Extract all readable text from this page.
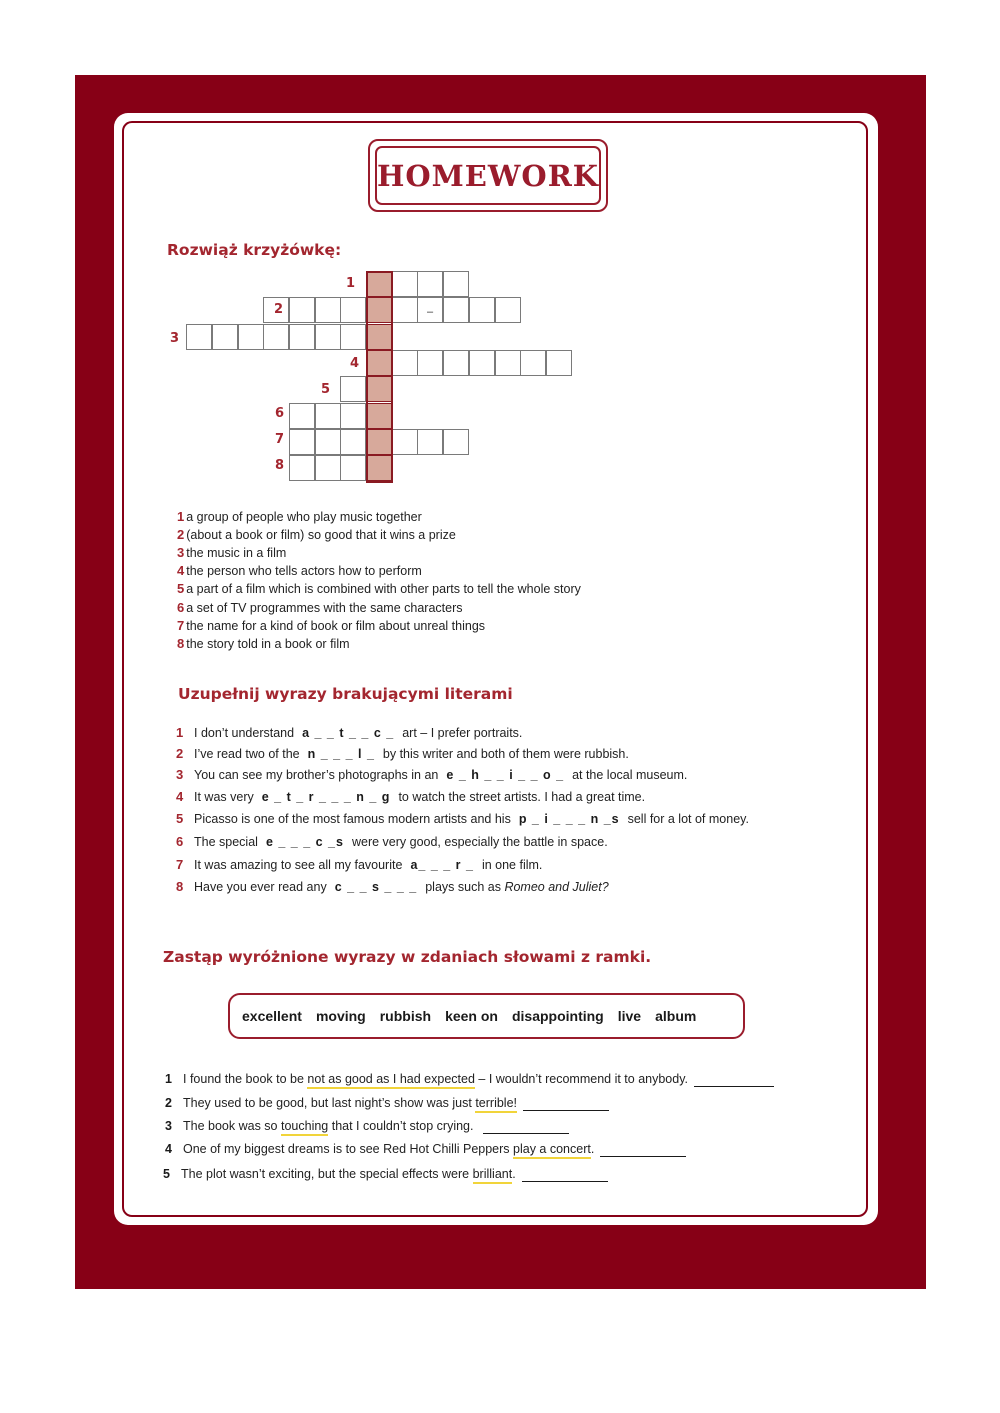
HOMEWORK
Rozwiąż krzyżówkę:
–
1
2
3
4
5
6
7
8
1 a group of people who play music together
2 (about a book or film) so good that it wins a prize
3 the music in a film
4 the person who tells actors how to perform
5 a part of a film which is combined with other parts to tell the whole story
6 a set of TV programmes with the same characters
7 the name for a kind of book or film about unreal things
8 the story told in a book or film
Uzupełnij wyrazy brakującymi literami
1 I don’t understand a _ _ t _ _ c _ art – I prefer portraits.
2 I’ve read two of the n _ _ _ l _ by this writer and both of them were rubbish.
3 You can see my brother’s photographs in an e _ h _ _ i _ _ o _ at the local museum.
4 It was very e _ t _ r _ _ _ n _ g to watch the street artists. I had a great time.
5 Picasso is one of the most famous modern artists and his p _ i _ _ _ n _s sell for a lot of money.
6 The special e _ _ _ c _s were very good, especially the battle in space.
7 It was amazing to see all my favourite a_ _ _ r _ in one film.
8 Have you ever read any c _ _ s _ _ _ plays such as Romeo and Juliet?
Zastąp wyróżnione wyrazy w zdaniach słowami z ramki.
excellent moving rubbish keen on disappointing live album
1 I found the book to be not as good as I had expected – I wouldn’t recommend it to anybody.
2 They used to be good, but last night’s show was just terrible!
3 The book was so touching that I couldn’t stop crying.
4 One of my biggest dreams is to see Red Hot Chilli Peppers play a concert.
5 The plot wasn’t exciting, but the special effects were brilliant.
